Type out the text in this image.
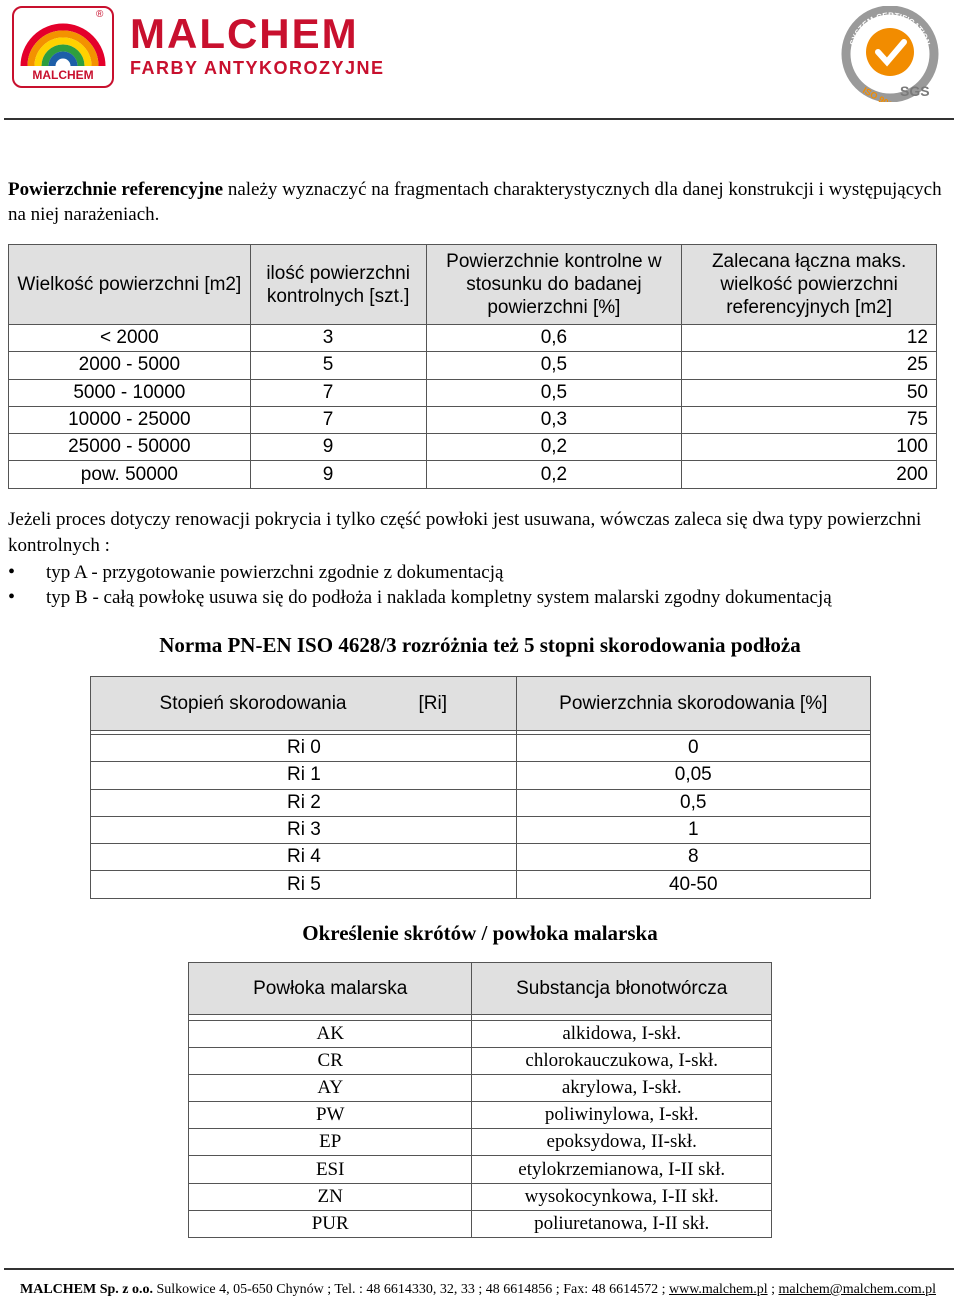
MALCHEM
® MALCHEM
FARBY ANTYKOROZYJNE
SYSTEM CERTIFICATION
SGS

Powierzchnie referencyjne należy wyznaczyć na fragmentach charakterystycznych dla danej konstrukcji i występujących na niej narażeniach.

Wielkość powierzchni [m2]	ilość powierzchni kontrolnych [szt.]	Powierzchnie kontrolne w stosunku do badanej powierzchni [%]	Zalecana łączna maks. wielkość powierzchni referencyjnych [m2]
< 2000	3	0,6	12
2000 - 5000	5	0,5	25
5000 - 10000	7	0,5	50
10000 - 25000	7	0,3	75
25000 - 50000	9	0,2	100
pow. 50000	9	0,2	200

Jeżeli proces dotyczy renowacji pokrycia i tylko część powłoki jest usuwana, wówczas zaleca się dwa typy powierzchni kontrolnych :

• typ A - przygotowanie powierzchni zgodnie z dokumentacją
• typ B - całą powłokę usuwa się do podłoża i naklada kompletny system malarski zgodny dokumentacją
Norma PN-EN ISO 4628/3 rozróżnia też 5 stopni skorodowania podłoża
Stopień skorodowania [Ri]	Powierzchnia skorodowania [%]

Ri 0	0
Ri 1	0,05
Ri 2	0,5
Ri 3	1
Ri 4	8
Ri 5	40-50
Określenie skrótów / powłoka malarska
Powłoka malarska	Substancja błonotwórcza

AK	alkidowa, I-skł.
CR	chlorokauczukowa, I-skł.
AY	akrylowa, I-skł.
PW	poliwinylowa, I-skł.
EP	epoksydowa, II-skł.
ESI	etylokrzemianowa, I-II skł.
ZN	wysokocynkowa, I-II skł.
PUR	poliuretanowa, I-II skł.
MALCHEM Sp. z o.o. Sulkowice 4, 05-650 Chynów ; Tel. : 48 6614330, 32, 33 ; 48 6614856 ; Fax: 48 6614572 ; www.malchem.pl ; malchem@malchem.com.pl
